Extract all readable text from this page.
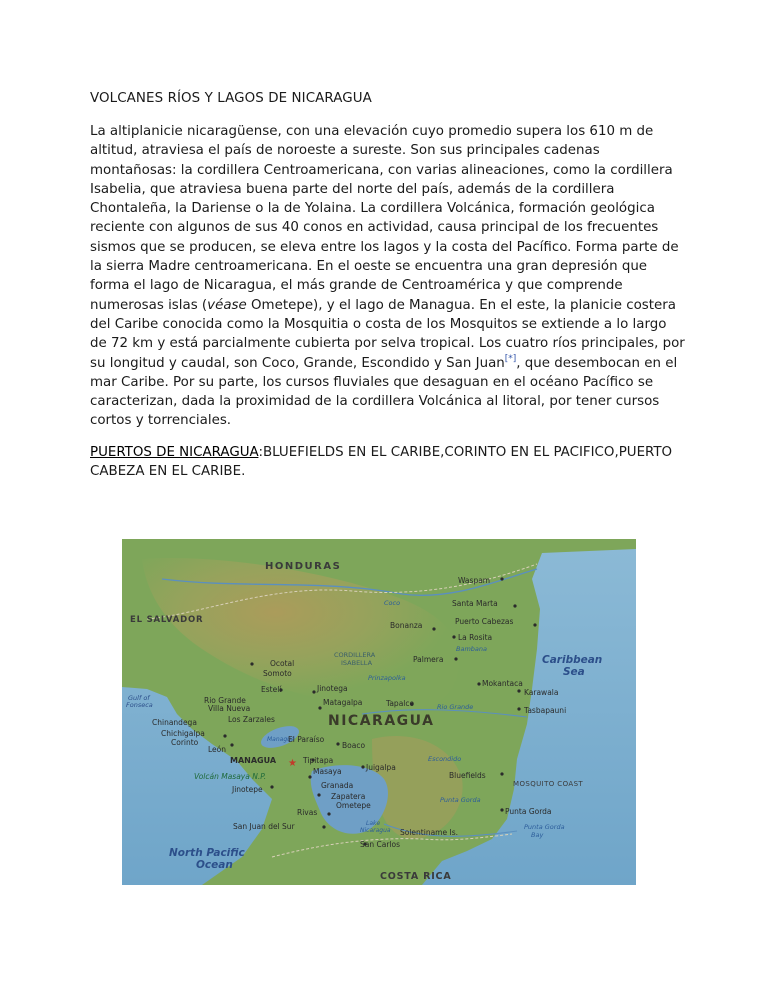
VOLCANES RÍOS Y LAGOS DE NICARAGUA

La altiplanicie nicaragüense, con una elevación cuyo promedio supera los 610 m de altitud, atraviesa el país de noroeste a sureste. Son sus principales cadenas montañosas: la cordillera Centroamericana, con varias alineaciones, como la cordillera Isabelia, que atraviesa buena parte del norte del país, además de la cordillera Chontaleña, la Dariense o la de Yolaina. La cordillera Volcánica, formación geológica reciente con algunos de sus 40 conos en actividad, causa principal de los frecuentes sismos que se producen, se eleva entre los lagos y la costa del Pacífico. Forma parte de la sierra Madre centroamericana. En el oeste se encuentra una gran depresión que forma el lago de Nicaragua, el más grande de Centroamérica y que comprende numerosas islas (véase Ometepe), y el lago de Managua. En el este, la planicie costera del Caribe conocida como la Mosquitia o costa de los Mosquitos se extiende a lo largo de 72 km y está parcialmente cubierta por selva tropical. Los cuatro ríos principales, por su longitud y caudal, son Coco, Grande, Escondido y San Juan[*], que desembocan en el mar Caribe. Por su parte, los cursos fluviales que desaguan en el océano Pacífico se caracterizan, dada la proximidad de la cordillera Volcánica al litoral, por tener cursos cortos y torrenciales.

PUERTOS DE NICARAGUA:BLUEFIELDS EN EL CARIBE,CORINTO EN EL PACIFICO,PUERTO CABEZA EN EL CARIBE.

★
HONDURAS
EL SALVADOR
NICARAGUA
COSTA RICA
Caribbean
Sea
North Pacific
Ocean
Gulf of
Fonseca
CORDILLERA
ISABELLA
MOSQUITO COAST
Coco
Bambana
Prinzapolka
Rio Grande
Escondido
Punta Gorda
Punta Gorda
Bay
Lake
Nicaragua
Managua
Waspam
Santa Marta
Bonanza	Puerto Cabezas
La Rosita
Palmera
Mokantaca
Karawala
Tasbapauni
Ocotal
Somoto
Estelí	Jinotega
Matagalpa	Tapalco
Rio Grande
Villa Nueva
Los Zarzales
Chinandega
Chichigalpa
Corinto
León
El Paraíso
Boaco
MANAGUA	Tipitapa
Juigalpa
Bluefields
Volcán Masaya N.P.
Masaya
Jinotepe	Granada
Zapatera
Ometepe
Rivas	Punta Gorda
San Juan del Sur
Solentiname Is.
San Carlos
